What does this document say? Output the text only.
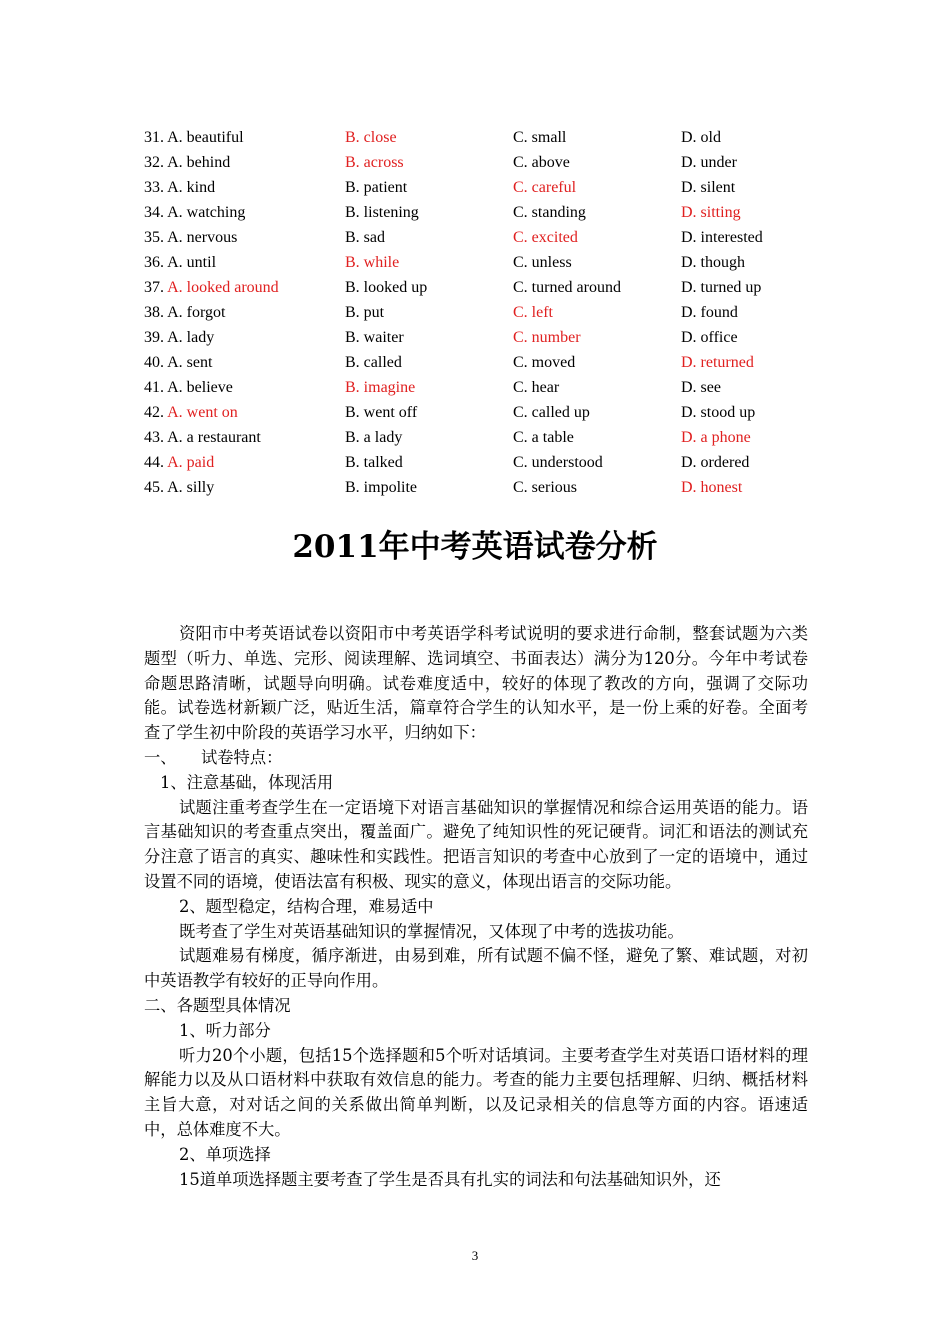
31. A. beautiful	B. close	C. small	D. old
32. A. behind	B. across	C. above	D. under
33. A. kind	B. patient	C. careful	D. silent
34. A. watching	B. listening	C. standing	D. sitting
35. A. nervous	B. sad	C. excited	D. interested
36. A. until	B. while	C. unless	D. though
37. A. looked around	B. looked up	C. turned around	D. turned up
38. A. forgot	B. put	C. left	D. found
39. A. lady	B. waiter	C. number	D. office
40. A. sent	B. called	C. moved	D. returned
41. A. believe	B. imagine	C. hear	D. see
42. A. went on	B. went off	C. called up	D. stood up
43. A. a restaurant	B. a lady	C. a table	D. a phone
44. A. paid	B. talked	C. understood	D. ordered
45. A. silly	B. impolite	C. serious	D. honest
2011年中考英语试卷分析

资阳市中考英语试卷以资阳市中考英语学科考试说明的要求进行命制，整套试题为六类题型（听力、单选、完形、阅读理解、选词填空、书面表达）满分为120分。今年中考试卷命题思路清晰，试题导向明确。试卷难度适中，较好的体现了教改的方向，强调了交际功能。试卷选材新颖广泛，贴近生活，篇章符合学生的认知水平，是一份上乘的好卷。全面考查了学生初中阶段的英语学习水平，归纳如下：

一、　　试卷特点：

1、注意基础，体现活用

试题注重考查学生在一定语境下对语言基础知识的掌握情况和综合运用英语的能力。语言基础知识的考查重点突出，覆盖面广。避免了纯知识性的死记硬背。词汇和语法的测试充分注意了语言的真实、趣味性和实践性。把语言知识的考查中心放到了一定的语境中，通过设置不同的语境，使语法富有积极、现实的意义，体现出语言的交际功能。

2、题型稳定，结构合理，难易适中

既考查了学生对英语基础知识的掌握情况，又体现了中考的选拔功能。

试题难易有梯度，循序渐进，由易到难，所有试题不偏不怪，避免了繁、难试题，对初中英语教学有较好的正导向作用。

二、各题型具体情况

1、听力部分

听力20个小题，包括15个选择题和5个听对话填词。主要考查学生对英语口语材料的理解能力以及从口语材料中获取有效信息的能力。考查的能力主要包括理解、归纳、概括材料主旨大意，对对话之间的关系做出简单判断，以及记录相关的信息等方面的内容。语速适中，总体难度不大。

2、单项选择

15道单项选择题主要考查了学生是否具有扎实的词法和句法基础知识外，还

3
